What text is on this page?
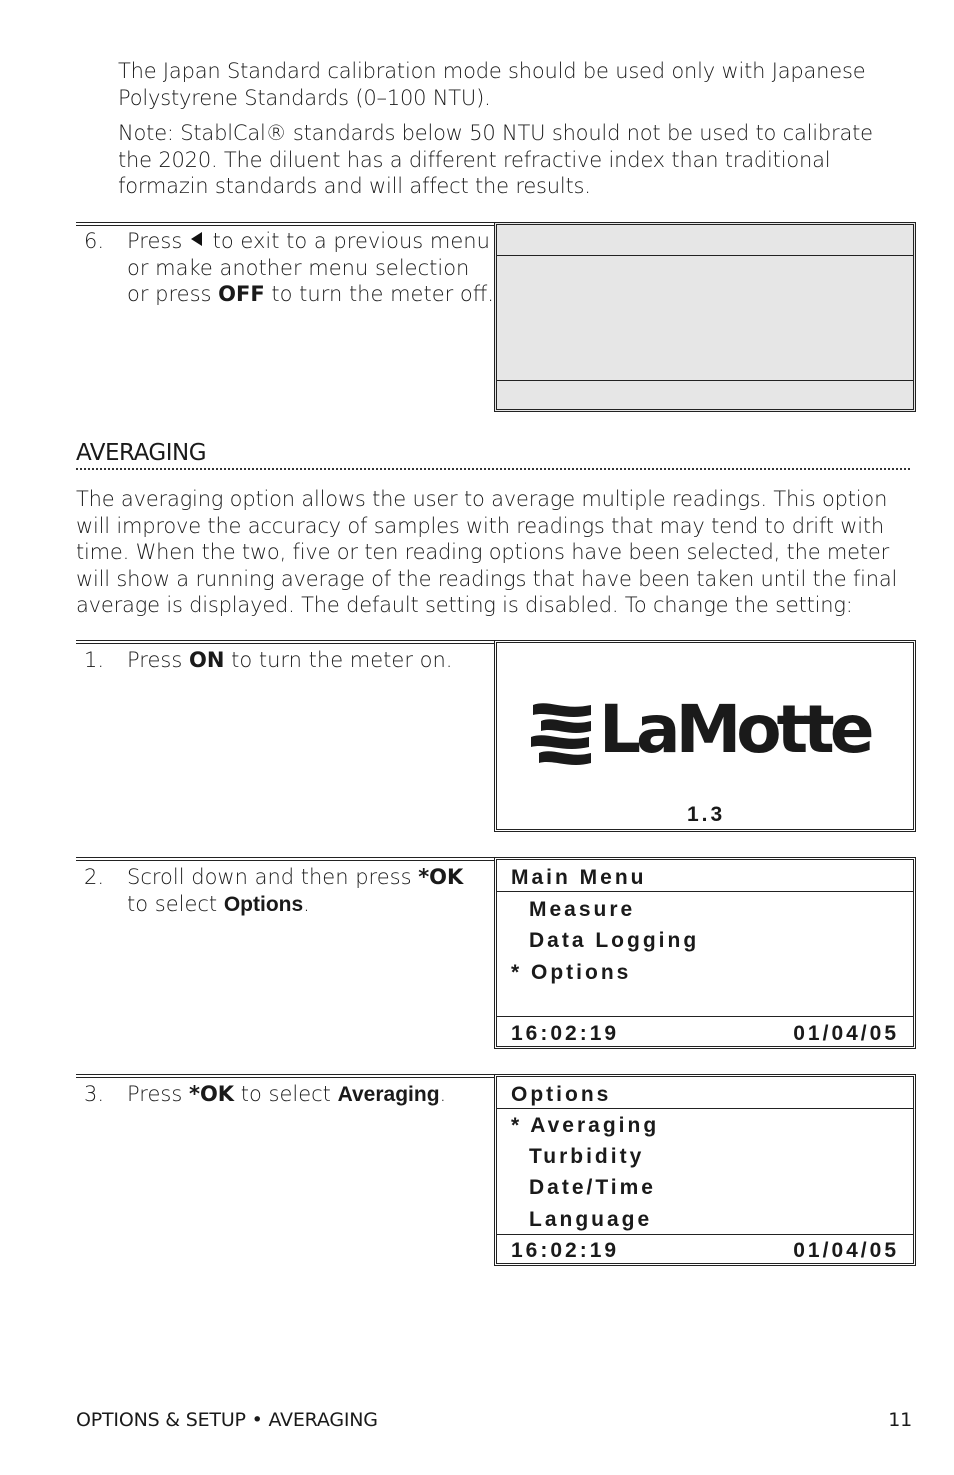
The Japan Standard calibration mode should be used only with Japanese Polystyrene Standards (0–100 NTU).
Note: StablCal® standards below 50 NTU should not be used to calibrate the 2020. The diluent has a different refractive index than traditional formazin standards and will affect the results.
6. Press to exit to a previous menu or make another menu selection or press OFF to turn the meter off.
AVERAGING
The averaging option allows the user to average multiple readings. This option will improve the accuracy of samples with readings that may tend to drift with time. When the two, five or ten reading options have been selected, the meter will show a running average of the readings that have been taken until the final average is displayed. The default setting is disabled. To change the setting:
1. Press ON to turn the meter on.
LaMotte
1.3
2. Scroll down and then press *OK
to select Options.
Main Menu
Measure
Data Logging
* Options
16:02:19	01/04/05
3. Press *OK to select Averaging.	Options
* Averaging
Turbidity
Date/Time
Language
16:02:19	01/04/05
OPTIONS & SETUP • AVERAGING	11
